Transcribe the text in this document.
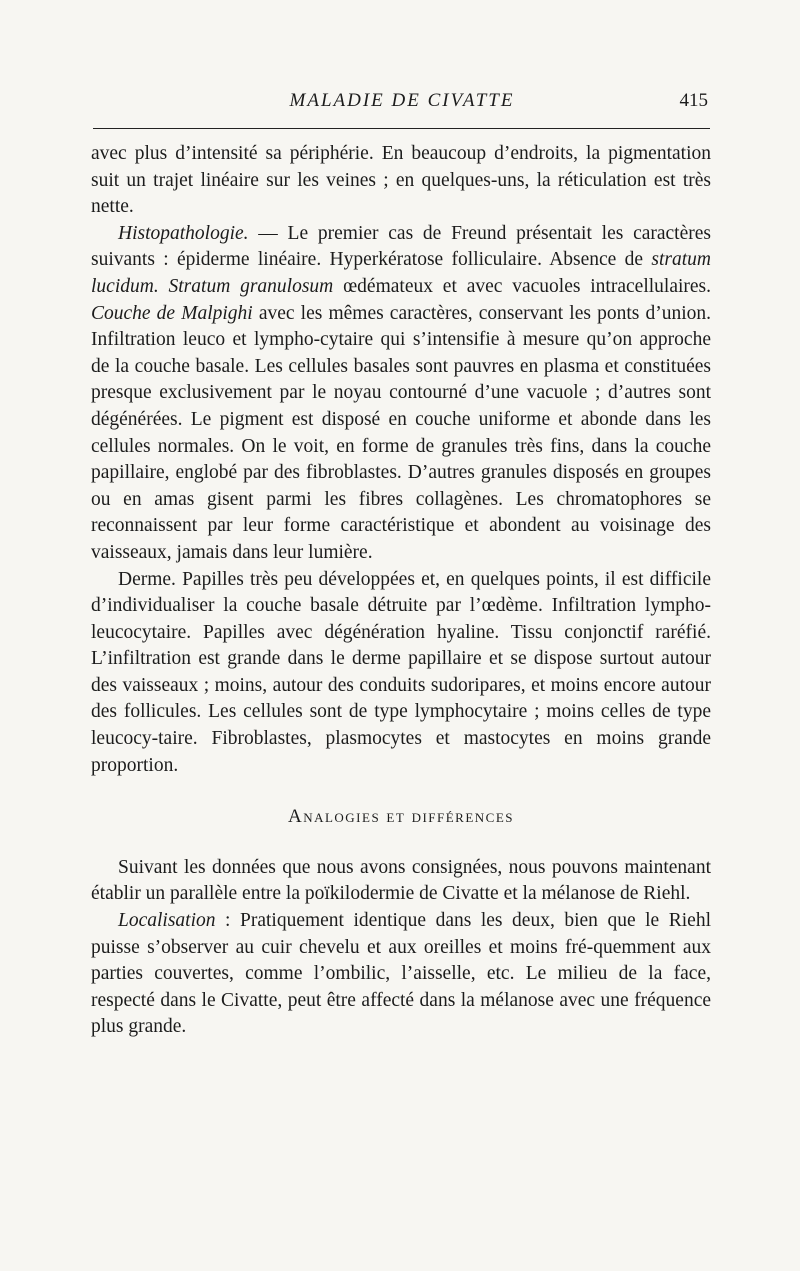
MALADIE DE CIVATTE	415

avec plus d’intensité sa périphérie. En beaucoup d’endroits, la pigmentation suit un trajet linéaire sur les veines ; en quelques-uns, la réticulation est très nette.

Histopathologie. — Le premier cas de Freund présentait les caractères suivants : épiderme linéaire. Hyperkératose folliculaire. Absence de stratum lucidum. Stratum granulosum œdémateux et avec vacuoles intracellulaires. Couche de Malpighi avec les mêmes caractères, conservant les ponts d’union. Infiltration leuco et lympho-cytaire qui s’intensifie à mesure qu’on approche de la couche basale. Les cellules basales sont pauvres en plasma et constituées presque exclusivement par le noyau contourné d’une vacuole ; d’autres sont dégénérées. Le pigment est disposé en couche uniforme et abonde dans les cellules normales. On le voit, en forme de granules très fins, dans la couche papillaire, englobé par des fibroblastes. D’autres granules disposés en groupes ou en amas gisent parmi les fibres collagènes. Les chromatophores se reconnaissent par leur forme caractéristique et abondent au voisinage des vaisseaux, jamais dans leur lumière.

Derme. Papilles très peu développées et, en quelques points, il est difficile d’individualiser la couche basale détruite par l’œdème. Infiltration lympho-leucocytaire. Papilles avec dégénération hyaline. Tissu conjonctif raréfié. L’infiltration est grande dans le derme papillaire et se dispose surtout autour des vaisseaux ; moins, autour des conduits sudoripares, et moins encore autour des follicules. Les cellules sont de type lymphocytaire ; moins celles de type leucocy-taire. Fibroblastes, plasmocytes et mastocytes en moins grande proportion.

Analogies et différences

Suivant les données que nous avons consignées, nous pouvons maintenant établir un parallèle entre la poïkilodermie de Civatte et la mélanose de Riehl.

Localisation : Pratiquement identique dans les deux, bien que le Riehl puisse s’observer au cuir chevelu et aux oreilles et moins fré-quemment aux parties couvertes, comme l’ombilic, l’aisselle, etc. Le milieu de la face, respecté dans le Civatte, peut être affecté dans la mélanose avec une fréquence plus grande.
